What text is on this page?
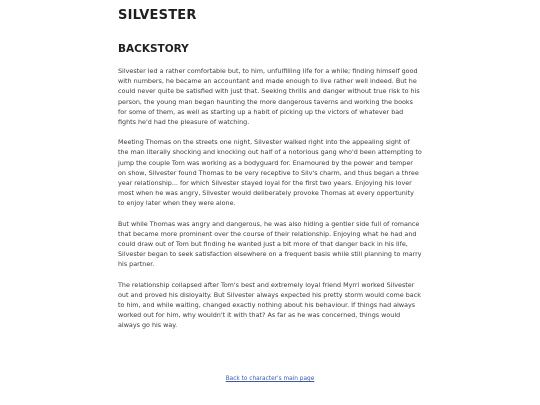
SILVESTER
BACKSTORY

Silvester led a rather comfortable but, to him, unfulfilling life for a while; finding himself good with numbers, he became an accountant and made enough to live rather well indeed. But he could never quite be satisfied with just that. Seeking thrills and danger without true risk to his person, the young man began haunting the more dangerous taverns and working the books for some of them, as well as starting up a habit of picking up the victors of whatever bad fights he'd had the pleasure of watching.

Meeting Thomas on the streets one night, Silvester walked right into the appealing sight of the man literally shocking and knocking out half of a notorious gang who'd been attempting to jump the couple Tom was working as a bodyguard for. Enamoured by the power and temper on show, Silvester found Thomas to be very receptive to Silv's charm, and thus began a three year relationship... for which Silvester stayed loyal for the first two years. Enjoying his lover most when he was angry, Silvester would deliberately provoke Thomas at every opportunity to enjoy later when they were alone.

But while Thomas was angry and dangerous, he was also hiding a gentler side full of romance that became more prominent over the course of their relationship. Enjoying what he had and could draw out of Tom but finding he wanted just a bit more of that danger back in his life, Silvester began to seek satisfaction elsewhere on a frequent basis while still planning to marry his partner.

The relationship collapsed after Tom's best and extremely loyal friend Myrri worked Silvester out and proved his disloyalty. But Silvester always expected his pretty storm would come back to him, and while waiting, changed exactly nothing about his behaviour. If things had always worked out for him, why wouldn't it with that? As far as he was concerned, things would always go his way.

Back to character's main page
